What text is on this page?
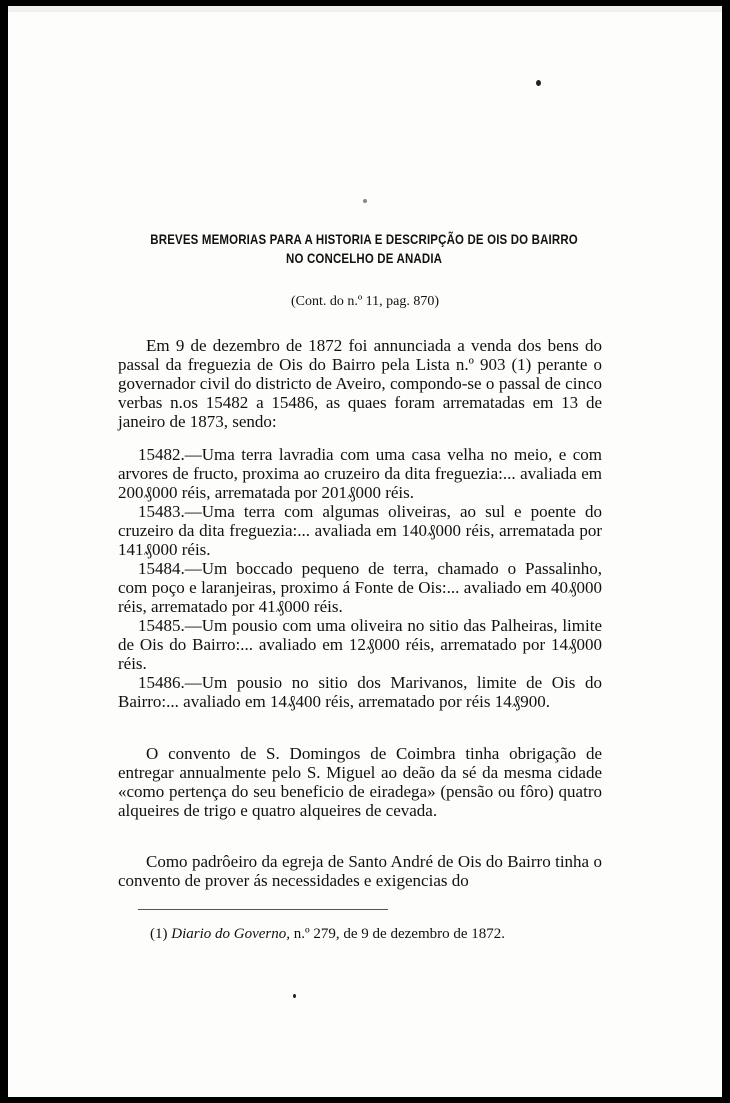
BREVES MEMORIAS PARA A HISTORIA E DESCRIPÇÃO DE OIS DO BAIRRO
NO CONCELHO DE ANADIA
(Cont. do n.º 11, pag. 870)

Em 9 de dezembro de 1872 foi annunciada a venda dos bens do passal da freguezia de Ois do Bairro pela Lista n.º 903 (1) perante o governador civil do districto de Aveiro, compondo-se o passal de cinco verbas n.os 15482 a 15486, as quaes foram arrematadas em 13 de janeiro de 1873, sendo:

15482.—Uma terra lavradia com uma casa velha no meio, e com arvores de fructo, proxima ao cruzeiro da dita freguezia:... avaliada em 200₰000 réis, arrematada por 201₰000 réis.

15483.—Uma terra com algumas oliveiras, ao sul e poente do cruzeiro da dita freguezia:... avaliada em 140₰000 réis, arrematada por 141₰000 réis.

15484.—Um boccado pequeno de terra, chamado o Passalinho, com poço e laranjeiras, proximo á Fonte de Ois:... avaliado em 40₰000 réis, arrematado por 41₰000 réis.

15485.—Um pousio com uma oliveira no sitio das Palheiras, limite de Ois do Bairro:... avaliado em 12₰000 réis, arrematado por 14₰000 réis.

15486.—Um pousio no sitio dos Marivanos, limite de Ois do Bairro:... avaliado em 14₰400 réis, arrematado por réis 14₰900.

O convento de S. Domingos de Coimbra tinha obrigação de entregar annualmente pelo S. Miguel ao deão da sé da mesma cidade «como pertença do seu beneficio de eiradega» (pensão ou fôro) quatro alqueires de trigo e quatro alqueires de cevada.

Como padrôeiro da egreja de Santo André de Ois do Bairro tinha o convento de prover ás necessidades e exigencias do

(1) Diario do Governo, n.º 279, de 9 de dezembro de 1872.
